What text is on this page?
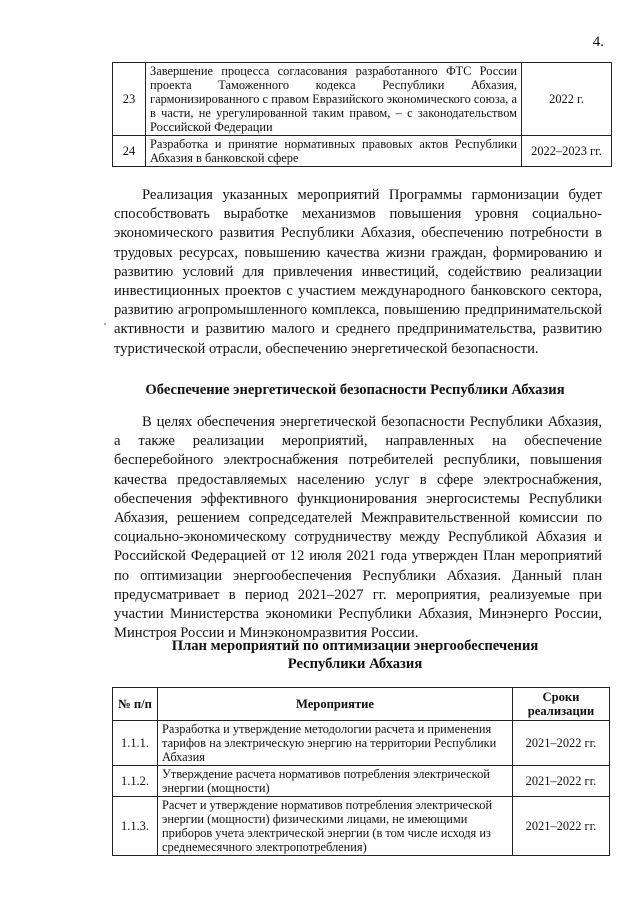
4.
23	Завершение процесса согласования разработанного ФТС России проекта Таможенного кодекса Республики Абхазия, гармонизированного с правом Евразийского экономического союза, а в части, не урегулированной таким правом, – с законодательством Российской Федерации	2022 г.
24	Разработка и принятие нормативных правовых актов Республики Абхазия в банковской сфере	2022–2023 гг.

Реализация указанных мероприятий Программы гармонизации будет способствовать выработке механизмов повышения уровня социально-экономического развития Республики Абхазия, обеспечению потребности в трудовых ресурсах, повышению качества жизни граждан, формированию и развитию условий для привлечения инвестиций, содействию реализации инвестиционных проектов с участием международного банковского сектора, развитию агропромышленного комплекса, повышению предпринимательской активности и развитию малого и среднего предпринимательства, развитию туристической отрасли, обеспечению энергетической безопасности.

Обеспечение энергетической безопасности Республики Абхазия

В целях обеспечения энергетической безопасности Республики Абхазия, а также реализации мероприятий, направленных на обеспечение бесперебойного электроснабжения потребителей республики, повышения качества предоставляемых населению услуг в сфере электроснабжения, обеспечения эффективного функционирования энергосистемы Республики Абхазия, решением сопредседателей Межправительственной комиссии по социально-экономическому сотрудничеству между Республикой Абхазия и Российской Федерацией от 12 июля 2021 года утвержден План мероприятий по оптимизации энергообеспечения Республики Абхазия. Данный план предусматривает в период 2021–2027 гг. мероприятия, реализуемые при участии Министерства экономики Республики Абхазия, Минэнерго России, Минстроя России и Минэкономразвития России.

План мероприятий по оптимизации энергообеспечения
Республики Абхазия

№ п/п	Мероприятие	Сроки реализации
1.1.1.	Разработка и утверждение методологии расчета и применения тарифов на электрическую энергию на территории Республики Абхазия	2021–2022 гг.
1.1.2.	Утверждение расчета нормативов потребления электрической энергии (мощности)	2021–2022 гг.
1.1.3.	Расчет и утверждение нормативов потребления электрической энергии (мощности) физическими лицами, не имеющими приборов учета электрической энергии (в том числе исходя из среднемесячного электропотребления)	2021–2022 гг.
